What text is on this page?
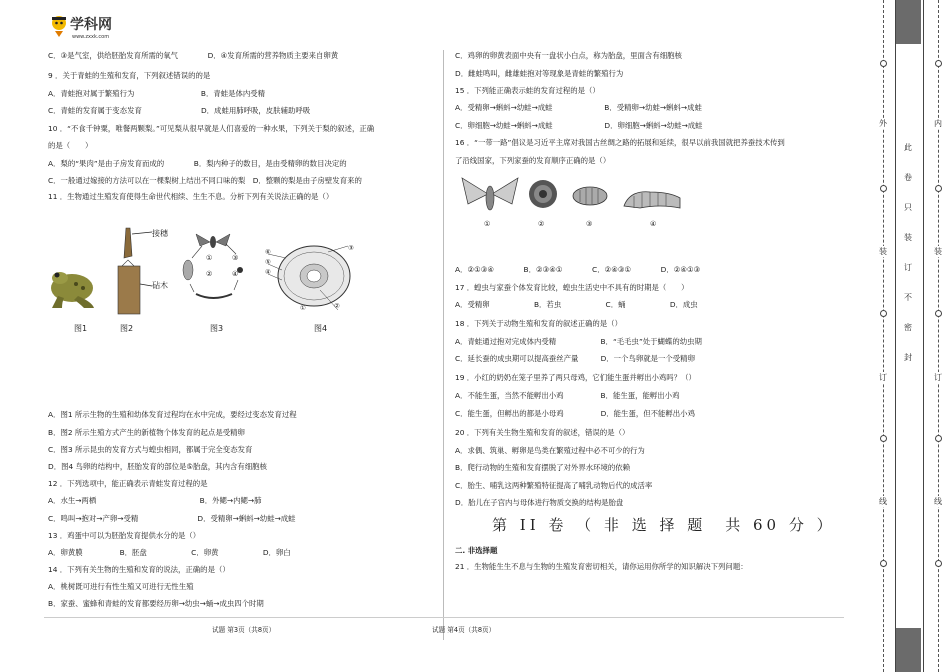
学科网
www.zxxk.com
C．③是气室，供给胚胎发育所需的氧气　　　　D．④发育所需的营养物质主要来自卵黄
9 ．关于青蛙的生殖和发育，下列叙述错误的的是
A．青蛙抱对属于繁殖行为　　　　　　　　　B．青蛙是体内受精
C．青蛙的发育属于变态发育　　　　　　　　D．成蛙用肺呼吸，皮肤辅助呼吸
10 ．“不食千钟粟，唯餐两颗梨。”可见梨从很早就是人们喜爱的一种水果，下列关于梨的叙述，正确
的是（　　）
A．梨的“果肉”是由子房发育而成的　　　　B．梨内种子的数目，是由受精卵的数目决定的
C．一般通过嫁接的方法可以在一棵梨树上结出不同口味的梨　D．整颗的梨是由子房壁发育来的
11 ．生物通过生殖发育使得生命世代相续、生生不息。分析下列有关说法正确的是（）
A．图1 所示生物的生殖和幼体发育过程均在水中完成，要经过变态发育过程
B．图2 所示生殖方式产生的新植物个体发育的起点是受精卵
C．图3 所示昆虫的发育方式与蝗虫相同，都属于完全变态发育
D．图4 鸟卵的结构中，胚胎发育的部位是⑤胎盘，其内含有细胞核
12 ．下列选项中，能正确表示青蛙发育过程的是
A．水生→两栖　　　　　　　　　　　　　　B．外鳃→内鳃→肺
C．鸣叫→抱对→产卵→受精　　　　　　　　D．受精卵→蝌蚪→幼蛙→成蛙
13 ．鸡蛋中可以为胚胎发育提供水分的是（）
A．卵黄膜　　　　　B．胚盘　　　　　　C．卵黄　　　　　　D．卵白
14 ．下列有关生物的生殖和发育的说法，正确的是（）
A．桃树既可进行有性生殖又可进行无性生殖
B．家蚕、蜜蜂和青蛙的发育都要经历卵→幼虫→蛹→成虫四个时期
接穗
砧木
①
②
③
④
⑥
⑤
④
①	②
③
图1	图2	图3	图4
C．鸡卵的卵黄表面中央有一盘状小白点，称为胎盘，里面含有细胞核
D．雌蛙鸣叫，雌雄蛙抱对等现象是青蛙的繁殖行为
15 ．下列能正确表示蛙的发育过程的是（）
A．受精卵→蝌蚪→幼蛙→成蛙　　　　　　　B．受精卵→幼蛙→蝌蚪→成蛙
C．卵细胞→幼蛙→蝌蚪→成蛙　　　　　　　D．卵细胞→蝌蚪→幼蛙→成蛙
16 ．“一带一路”倡议是习近平主席对我国古丝绸之路的拓展和延续，很早以前我国就把养蚕技术传到
了沿线国家，下列家蚕的发育顺序正确的是（）
A．②①③④　　　　B．②③④①　　　　C．②④③①　　　　D．②④①③
17 ．蝗虫与家蚕个体发育比较，蝗虫生活史中不具有的时期是（　　）
A．受精卵　　　　　　B．若虫　　　　　　C．蛹　　　　　　D．成虫
18 ．下列关于动物生殖和发育的叙述正确的是（）
A．青蛙通过抱对完成体内受精　　　　　　B．“毛毛虫”处于蝴蝶的幼虫期
C．延长蚕的成虫期可以提高蚕丝产量　　　D．一个鸟卵就是一个受精卵
19 ．小红的奶奶在笼子里养了两只母鸡，它们能生蛋并孵出小鸡吗？（）
A．不能生蛋，当然不能孵出小鸡　　　　　B．能生蛋，能孵出小鸡
C．能生蛋，但孵出的都是小母鸡　　　　　D．能生蛋，但不能孵出小鸡
20 ．下列有关生物生殖和发育的叙述，错误的是（）
A．求偶、筑巢、孵卵是鸟类在繁殖过程中必不可少的行为
B．爬行动物的生殖和发育摆脱了对外界水环境的依赖
C．胎生、哺乳这两种繁殖特征提高了哺乳动物后代的成活率
D．胎儿在子宫内与母体进行物质交换的结构是胎盘
①	②	③	④
第 II 卷 （ 非 选 择 题　共 60 分 ）
二. 非选择题
21 ．生物能生生不息与生物的生殖发育密切相关，请你运用你所学的知识解决下列问题：
试题 第3页（共8页）	试题 第4页（共8页）
此
卷
只
装
订
不
密
封
外
装
订
线
内
装
订
线
